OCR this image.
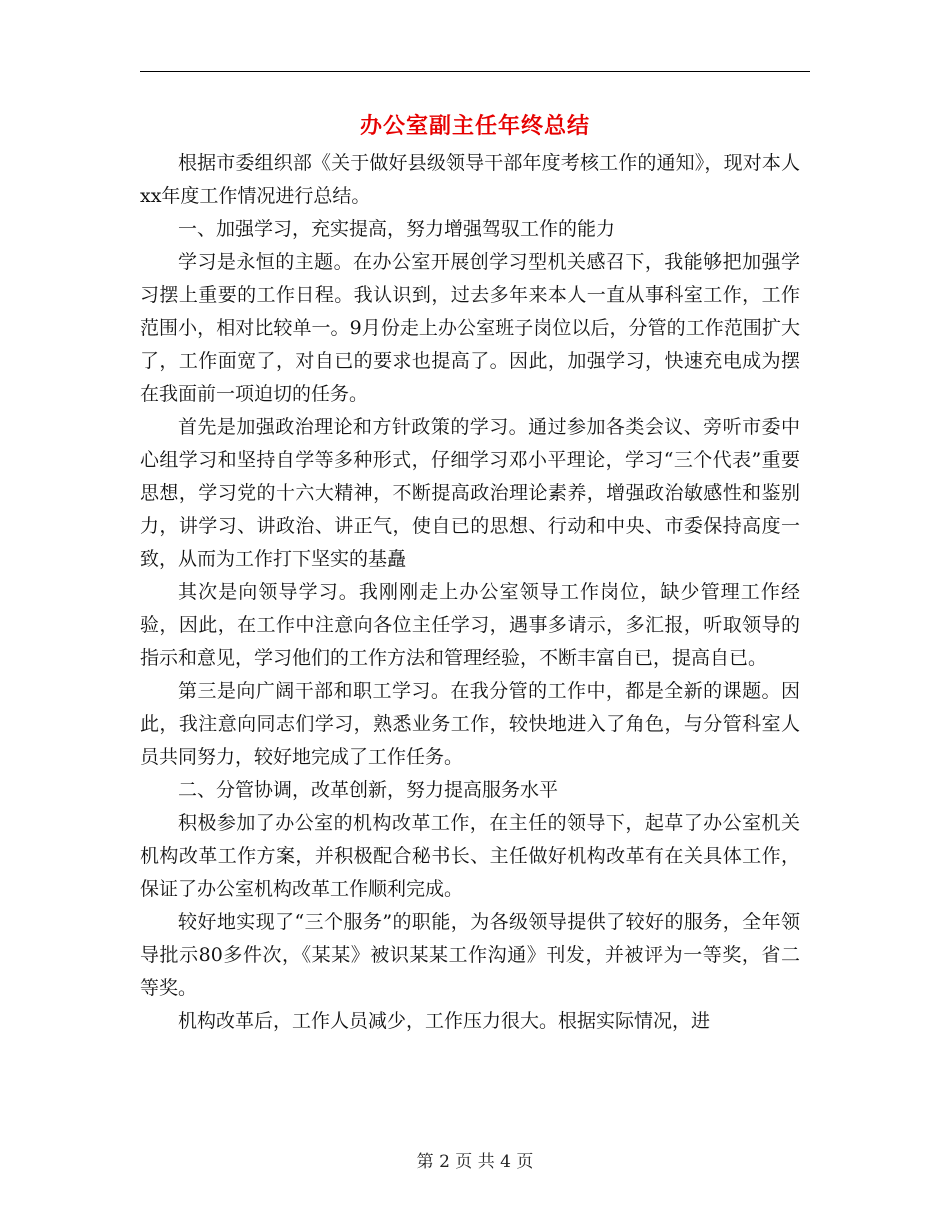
办公室副主任年终总结

根据市委组织部《关于做好县级领导干部年度考核工作的通知》，现对本人xx年度工作情况进行总结。

一、加强学习，充实提高，努力增强驾驭工作的能力

学习是永恒的主题。在办公室开展创学习型机关感召下，我能够把加强学习摆上重要的工作日程。我认识到，过去多年来本人一直从事科室工作，工作范围小，相对比较单一。9月份走上办公室班子岗位以后，分管的工作范围扩大了，工作面宽了，对自已的要求也提高了。因此，加强学习，快速充电成为摆在我面前一项迫切的任务。

首先是加强政治理论和方针政策的学习。通过参加各类会议、旁听市委中心组学习和坚持自学等多种形式，仔细学习邓小平理论，学习“三个代表”重要思想，学习党的十六大精神，不断提高政治理论素养，增强政治敏感性和鉴别力，讲学习、讲政治、讲正气，使自已的思想、行动和中央、市委保持高度一致，从而为工作打下坚实的基矗

其次是向领导学习。我刚刚走上办公室领导工作岗位，缺少管理工作经验，因此，在工作中注意向各位主任学习，遇事多请示，多汇报，听取领导的指示和意见，学习他们的工作方法和管理经验，不断丰富自已，提高自已。

第三是向广阔干部和职工学习。在我分管的工作中，都是全新的课题。因此，我注意向同志们学习，熟悉业务工作，较快地进入了角色，与分管科室人员共同努力，较好地完成了工作任务。

二、分管协调，改革创新，努力提高服务水平

积极参加了办公室的机构改革工作，在主任的领导下，起草了办公室机关机构改革工作方案，并积极配合秘书长、主任做好机构改革有在关具体工作，保证了办公室机构改革工作顺利完成。

较好地实现了“三个服务”的职能，为各级领导提供了较好的服务，全年领导批示80多件次，《某某》被识某某工作沟通》刊发，并被评为一等奖，省二等奖。

机构改革后，工作人员减少，工作压力很大。根据实际情况，进

第 2 页 共 4 页
